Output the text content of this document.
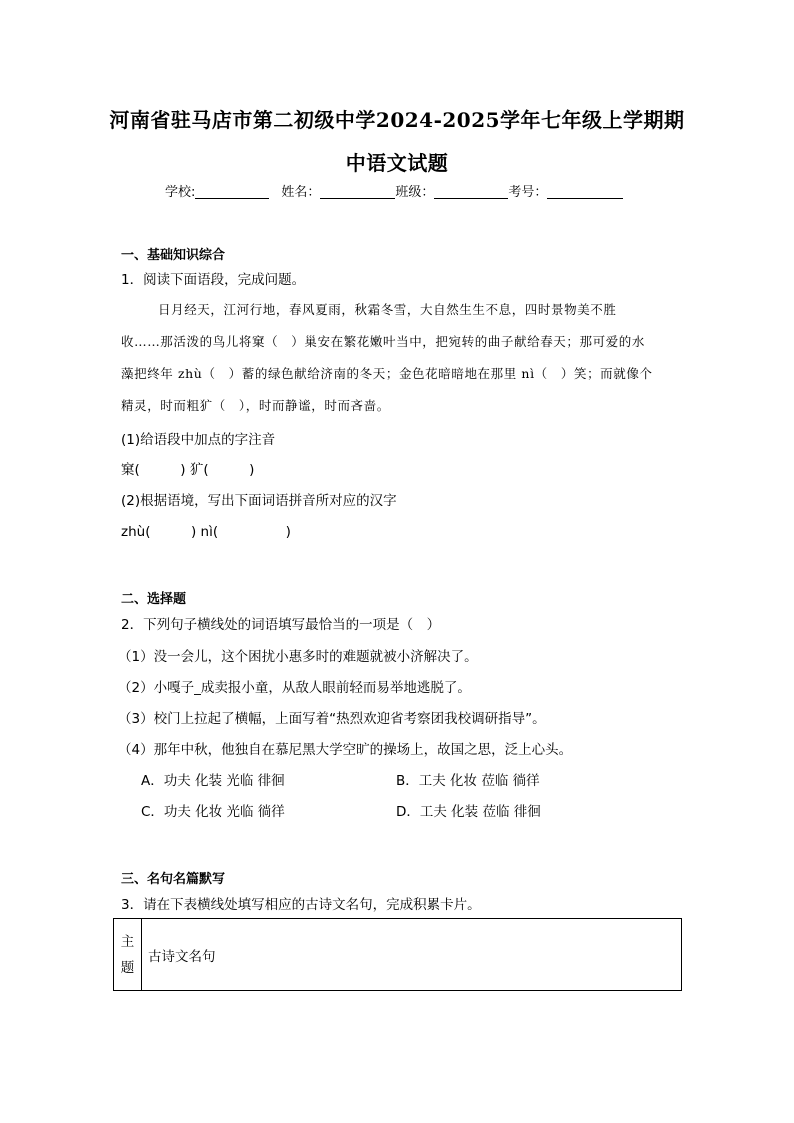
河南省驻马店市第二初级中学2024-2025学年七年级上学期期
中语文试题
学校:	姓名：	班级：	考号：
一、基础知识综合
1．阅读下面语段，完成问题。
日月经天，江河行地，春风夏雨，秋霜冬雪，大自然生生不息，四时景物美不胜
收……那活泼的鸟儿将窠（　）巢安在繁花嫩叶当中，把宛转的曲子献给春天；那可爱的水
藻把终年 zhù（　）蓄的绿色献给济南的冬天；金色花暗暗地在那里 nì（　）笑；而就像个
精灵，时而粗犷（　），时而静谧，时而吝啬。
(1)给语段中加点的字注音
窠(　　　) 犷(　　　)
(2)根据语境，写出下面词语拼音所对应的汉字
zhù(　　　) nì(　　　　　)
二、选择题
2．下列句子横线处的词语填写最恰当的一项是（　）
（1）没一会儿，这个困扰小惠多时的难题就被小济解决了。
（2）小嘎子_成卖报小童，从敌人眼前轻而易举地逃脱了。
（3）校门上拉起了横幅，上面写着“热烈欢迎省考察团我校调研指导”。
（4）那年中秋，他独自在慕尼黑大学空旷的操场上，故国之思，泛上心头。
A．功夫 化装 光临 徘徊	B．工夫 化妆 莅临 徜徉
C．功夫 化妆 光临 徜徉	D．工夫 化装 莅临 徘徊
三、名句名篇默写
3．请在下表横线处填写相应的古诗文名句，完成积累卡片。
主题	古诗文名句
